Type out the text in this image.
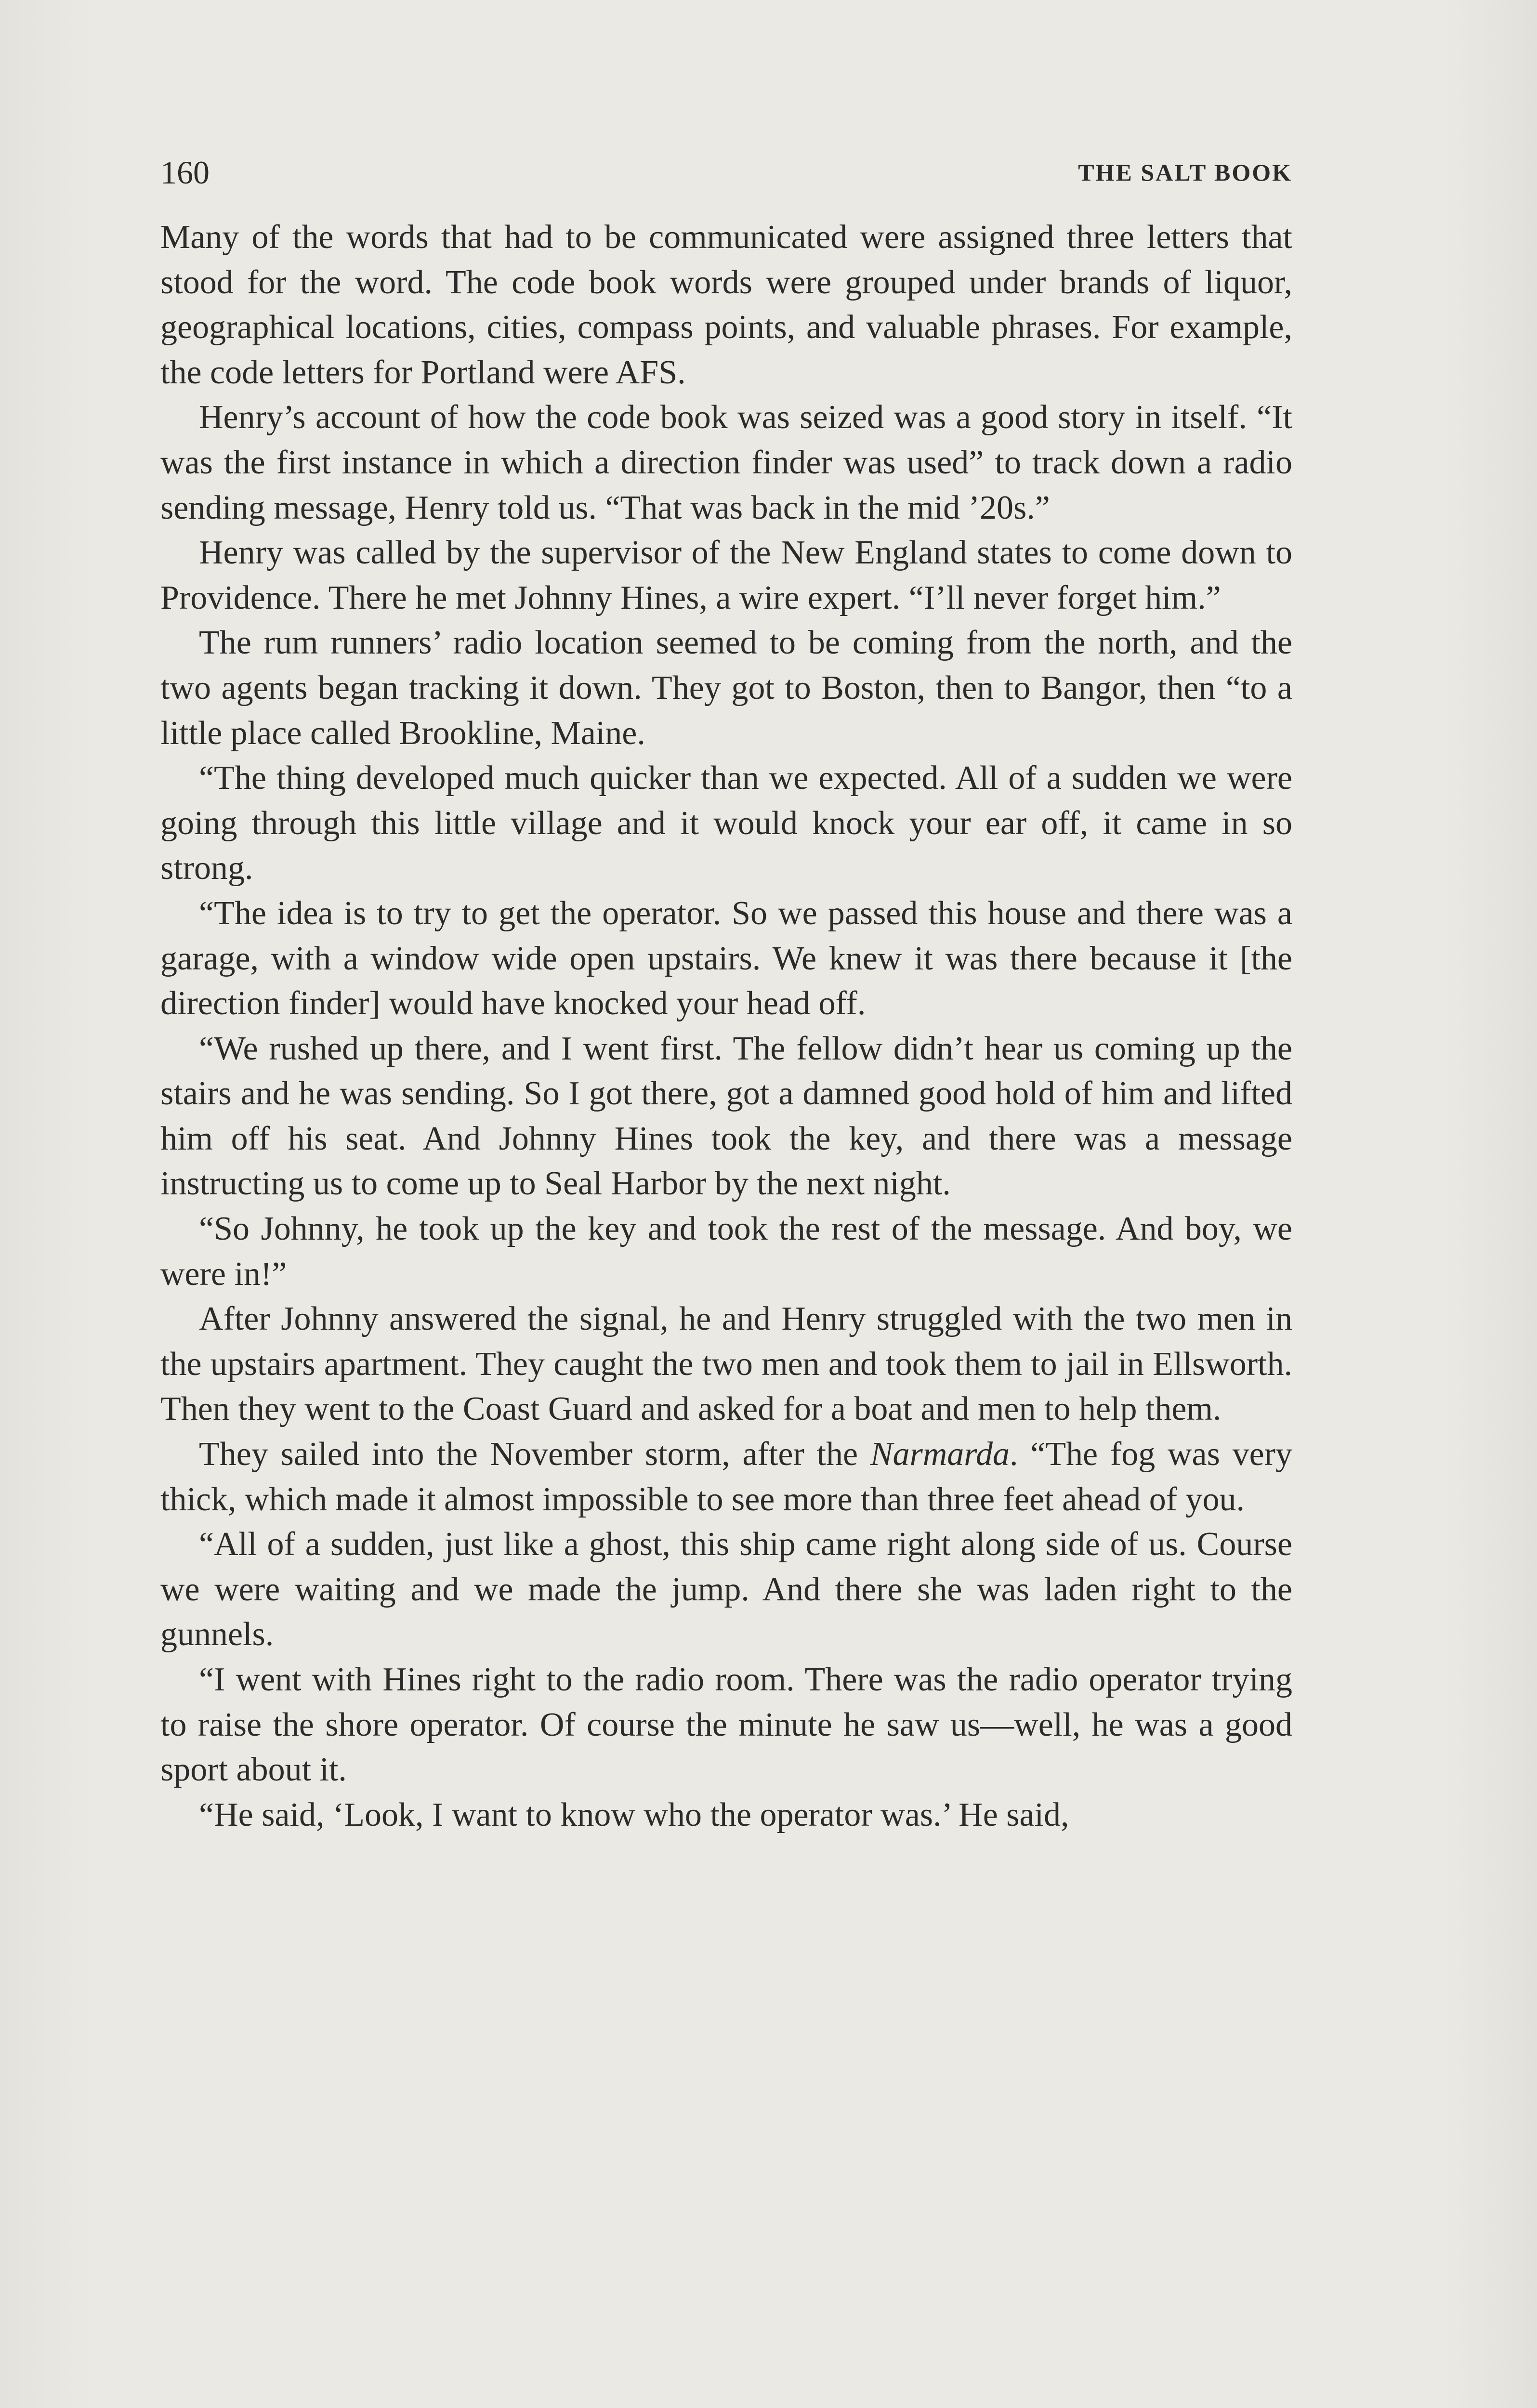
160	THE SALT BOOK

Many of the words that had to be communicated were assigned three letters that stood for the word. The code book words were grouped under brands of liquor, geographical locations, cities, compass points, and valuable phrases. For example, the code letters for Portland were AFS.

Henry’s account of how the code book was seized was a good story in itself. “It was the first instance in which a direction finder was used” to track down a radio sending message, Henry told us. “That was back in the mid ’20s.”

Henry was called by the supervisor of the New England states to come down to Providence. There he met Johnny Hines, a wire expert. “I’ll never forget him.”

The rum runners’ radio location seemed to be coming from the north, and the two agents began tracking it down. They got to Boston, then to Bangor, then “to a little place called Brookline, Maine.

“The thing developed much quicker than we expected. All of a sudden we were going through this little village and it would knock your ear off, it came in so strong.

“The idea is to try to get the operator. So we passed this house and there was a garage, with a window wide open upstairs. We knew it was there because it [the direction finder] would have knocked your head off.

“We rushed up there, and I went first. The fellow didn’t hear us coming up the stairs and he was sending. So I got there, got a damned good hold of him and lifted him off his seat. And Johnny Hines took the key, and there was a message instructing us to come up to Seal Harbor by the next night.

“So Johnny, he took up the key and took the rest of the message. And boy, we were in!”

After Johnny answered the signal, he and Henry struggled with the two men in the upstairs apartment. They caught the two men and took them to jail in Ellsworth. Then they went to the Coast Guard and asked for a boat and men to help them.

They sailed into the November storm, after the Narmarda. “The fog was very thick, which made it almost impossible to see more than three feet ahead of you.

“All of a sudden, just like a ghost, this ship came right along side of us. Course we were waiting and we made the jump. And there she was laden right to the gunnels.

“I went with Hines right to the radio room. There was the radio operator trying to raise the shore operator. Of course the minute he saw us—well, he was a good sport about it.

“He said, ‘Look, I want to know who the operator was.’ He said,
